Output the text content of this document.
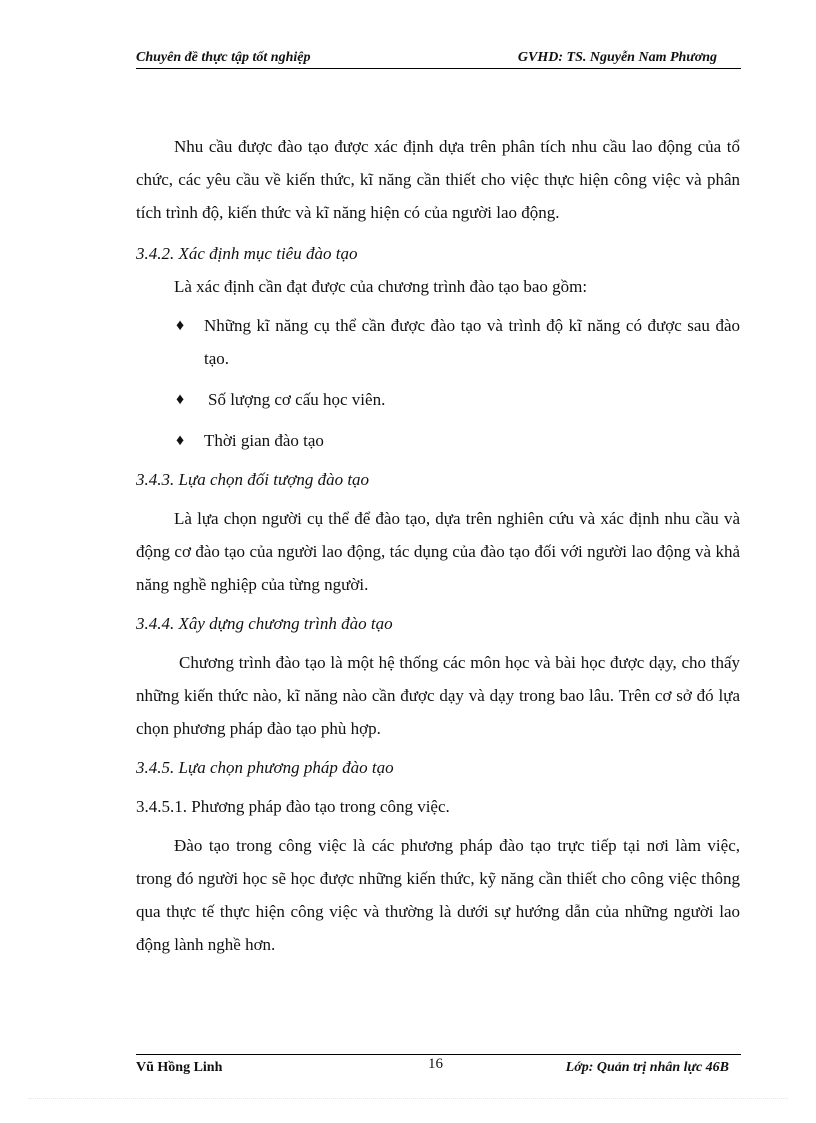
Chuyên đề thực tập tốt nghiệp	GVHD: TS. Nguyễn Nam Phương

Nhu cầu được đào tạo được xác định dựa trên phân tích nhu cầu lao động của tổ chức, các yêu cầu về kiến thức, kĩ năng cần thiết cho việc thực hiện công việc và phân tích trình độ, kiến thức và kĩ năng hiện có của người lao động.

3.4.2. Xác định mục tiêu đào tạo

Là xác định cần đạt được của chương trình đào tạo bao gồm:

♦ Những kĩ năng cụ thể cần được đào tạo và trình độ kĩ năng có được sau đào tạo.
♦ Số lượng cơ cấu học viên.
♦ Thời gian đào tạo

3.4.3. Lựa chọn đối tượng đào tạo

Là lựa chọn người cụ thể để đào tạo, dựa trên nghiên cứu và xác định nhu cầu và động cơ đào tạo của người lao động, tác dụng của đào tạo đối với người lao động và khả năng nghề nghiệp của từng người.

3.4.4. Xây dựng chương trình đào tạo

Chương trình đào tạo là một hệ thống các môn học và bài học được dạy, cho thấy những kiến thức nào, kĩ năng nào cần được dạy và dạy trong bao lâu. Trên cơ sở đó lựa chọn phương pháp đào tạo phù hợp.

3.4.5. Lựa chọn phương pháp đào tạo

3.4.5.1. Phương pháp đào tạo trong công việc.

Đào tạo trong công việc là các phương pháp đào tạo trực tiếp tại nơi làm việc, trong đó người học sẽ học được những kiến thức, kỹ năng cần thiết cho công việc thông qua thực tế thực hiện công việc và thường là dưới sự hướng dẫn của những người lao động lành nghề hơn.

Vũ Hồng Linh	16	Lớp: Quản trị nhân lực 46B
